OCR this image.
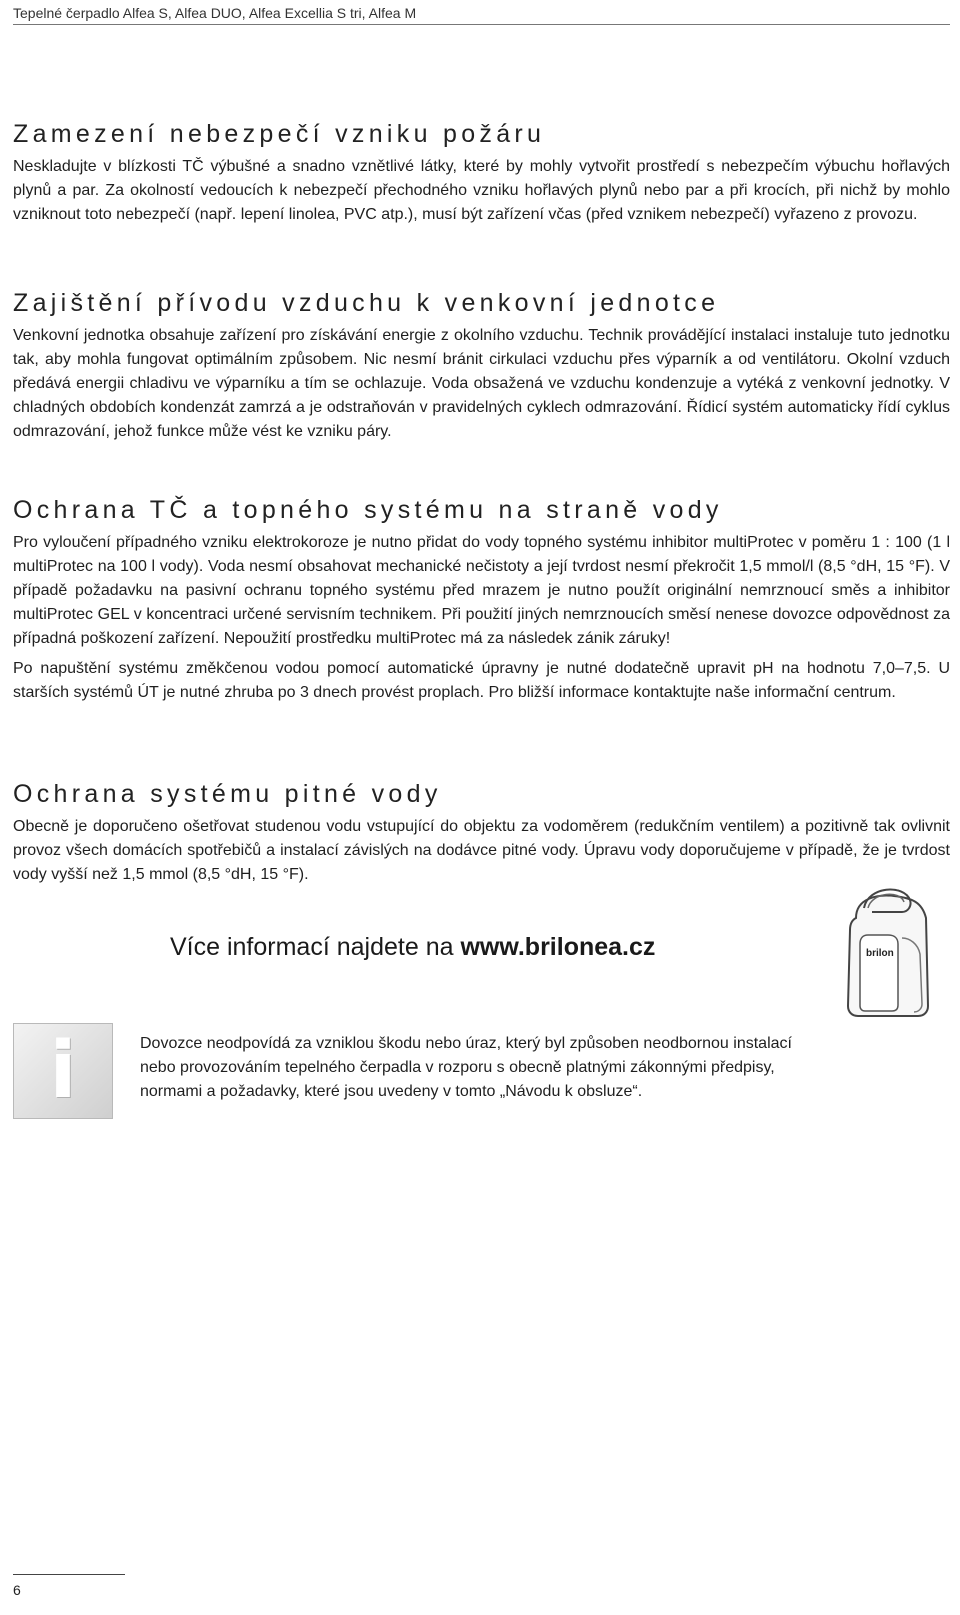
Tepelné čerpadlo Alfea S, Alfea DUO, Alfea Excellia S tri, Alfea M
Zamezení nebezpečí vzniku požáru

Neskladujte v blízkosti TČ výbušné a snadno vznětlivé látky, které by mohly vytvořit prostředí s nebezpečím výbuchu hořlavých plynů a par. Za okolností vedoucích k nebezpečí přechodného vzniku hořlavých plynů nebo par a při krocích, při nichž by mohlo vzniknout toto nebezpečí (např. lepení linolea, PVC atp.), musí být zařízení včas (před vznikem nebezpečí) vyřazeno z provozu.

Zajištění přívodu vzduchu k venkovní jednotce

Venkovní jednotka obsahuje zařízení pro získávání energie z okolního vzduchu. Technik provádějící instalaci instaluje tuto jednotku tak, aby mohla fungovat optimálním způsobem. Nic nesmí bránit cirkulaci vzduchu přes výparník a od ventilátoru. Okolní vzduch předává energii chladivu ve výparníku a tím se ochlazuje. Voda obsažená ve vzduchu kondenzuje a vytéká z venkovní jednotky. V chladných obdobích kondenzát zamrzá a je odstraňován v pravidelných cyklech odmrazování. Řídicí systém automaticky řídí cyklus odmrazování, jehož funkce může vést ke vzniku páry.

Ochrana TČ a topného systému na straně vody

Pro vyloučení případného vzniku elektrokoroze je nutno přidat do vody topného systému inhibitor multiProtec v poměru 1 : 100 (1 l multiProtec na 100 l vody). Voda nesmí obsahovat mechanické nečistoty a její tvrdost nesmí překročit 1,5 mmol/l (8,5 °dH, 15 °F). V případě požadavku na pasivní ochranu topného systému před mrazem je nutno použít originální nemrznoucí směs a inhibitor multiProtec GEL v koncentraci určené servisním technikem. Při použití jiných nemrznoucích směsí nenese dovozce odpovědnost za případná poškození zařízení. Nepoužití prostředku multiProtec má za následek zánik záruky!

Po napuštění systému změkčenou vodou pomocí automatické úpravny je nutné dodatečně upravit pH na hodnotu 7,0–7,5. U starších systémů ÚT je nutné zhruba po 3 dnech provést proplach. Pro bližší informace kontaktujte naše informační centrum.

Ochrana systému pitné vody

Obecně je doporučeno ošetřovat studenou vodu vstupující do objektu za vodoměrem (redukčním ventilem) a pozitivně tak ovlivnit provoz všech domácích spotřebičů a instalací závislých na dodávce pitné vody. Úpravu vody doporučujeme v případě, že je tvrdost vody vyšší než 1,5 mmol (8,5 °dH, 15 °F).

Více informací najdete na www.brilonea.cz	brilon
i	Dovozce neodpovídá za vzniklou škodu nebo úraz, který byl způsoben neodbornou instalací nebo provozováním tepelného čerpadla v rozporu s obecně platnými zákonnými předpisy, normami a požadavky, které jsou uvedeny v tomto „Návodu k obsluze“.
6
